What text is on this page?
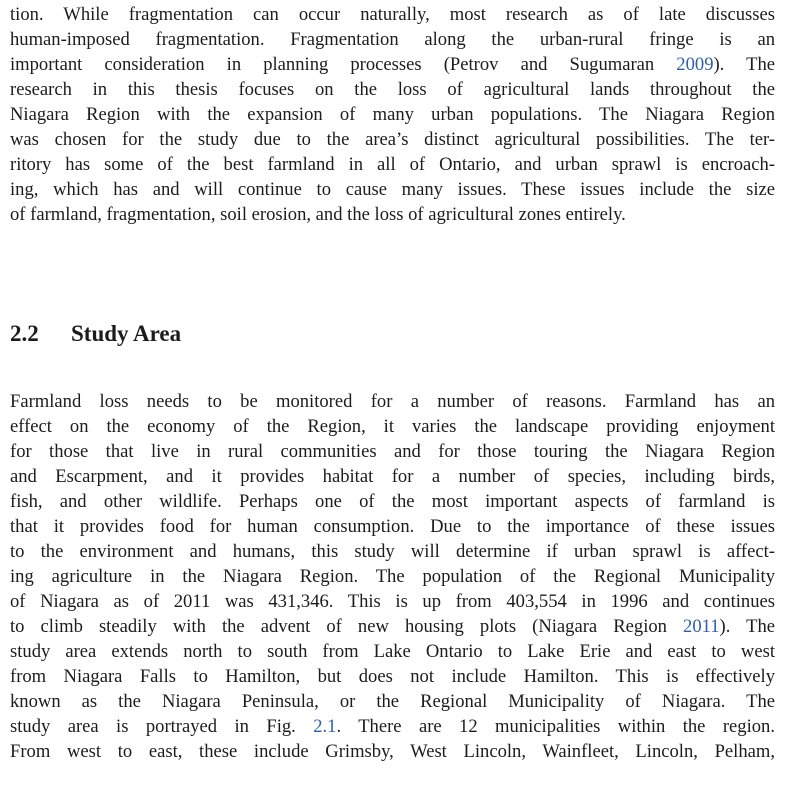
tion. While fragmentation can occur naturally, most research as of late discusses
human-imposed fragmentation. Fragmentation along the urban-rural fringe is an
important consideration in planning processes (Petrov and Sugumaran 2009). The
research in this thesis focuses on the loss of agricultural lands throughout the
Niagara Region with the expansion of many urban populations. The Niagara Region
was chosen for the study due to the area’s distinct agricultural possibilities. The ter-
ritory has some of the best farmland in all of Ontario, and urban sprawl is encroach-
ing, which has and will continue to cause many issues. These issues include the size
of farmland, fragmentation, soil erosion, and the loss of agricultural zones entirely.
2.2 Study Area
Farmland loss needs to be monitored for a number of reasons. Farmland has an
effect on the economy of the Region, it varies the landscape providing enjoyment
for those that live in rural communities and for those touring the Niagara Region
and Escarpment, and it provides habitat for a number of species, including birds,
fish, and other wildlife. Perhaps one of the most important aspects of farmland is
that it provides food for human consumption. Due to the importance of these issues
to the environment and humans, this study will determine if urban sprawl is affect-
ing agriculture in the Niagara Region. The population of the Regional Municipality
of Niagara as of 2011 was 431,346. This is up from 403,554 in 1996 and continues
to climb steadily with the advent of new housing plots (Niagara Region 2011). The
study area extends north to south from Lake Ontario to Lake Erie and east to west
from Niagara Falls to Hamilton, but does not include Hamilton. This is effectively
known as the Niagara Peninsula, or the Regional Municipality of Niagara. The
study area is portrayed in Fig. 2.1. There are 12 municipalities within the region.
From west to east, these include Grimsby, West Lincoln, Wainfleet, Lincoln, Pelham,
